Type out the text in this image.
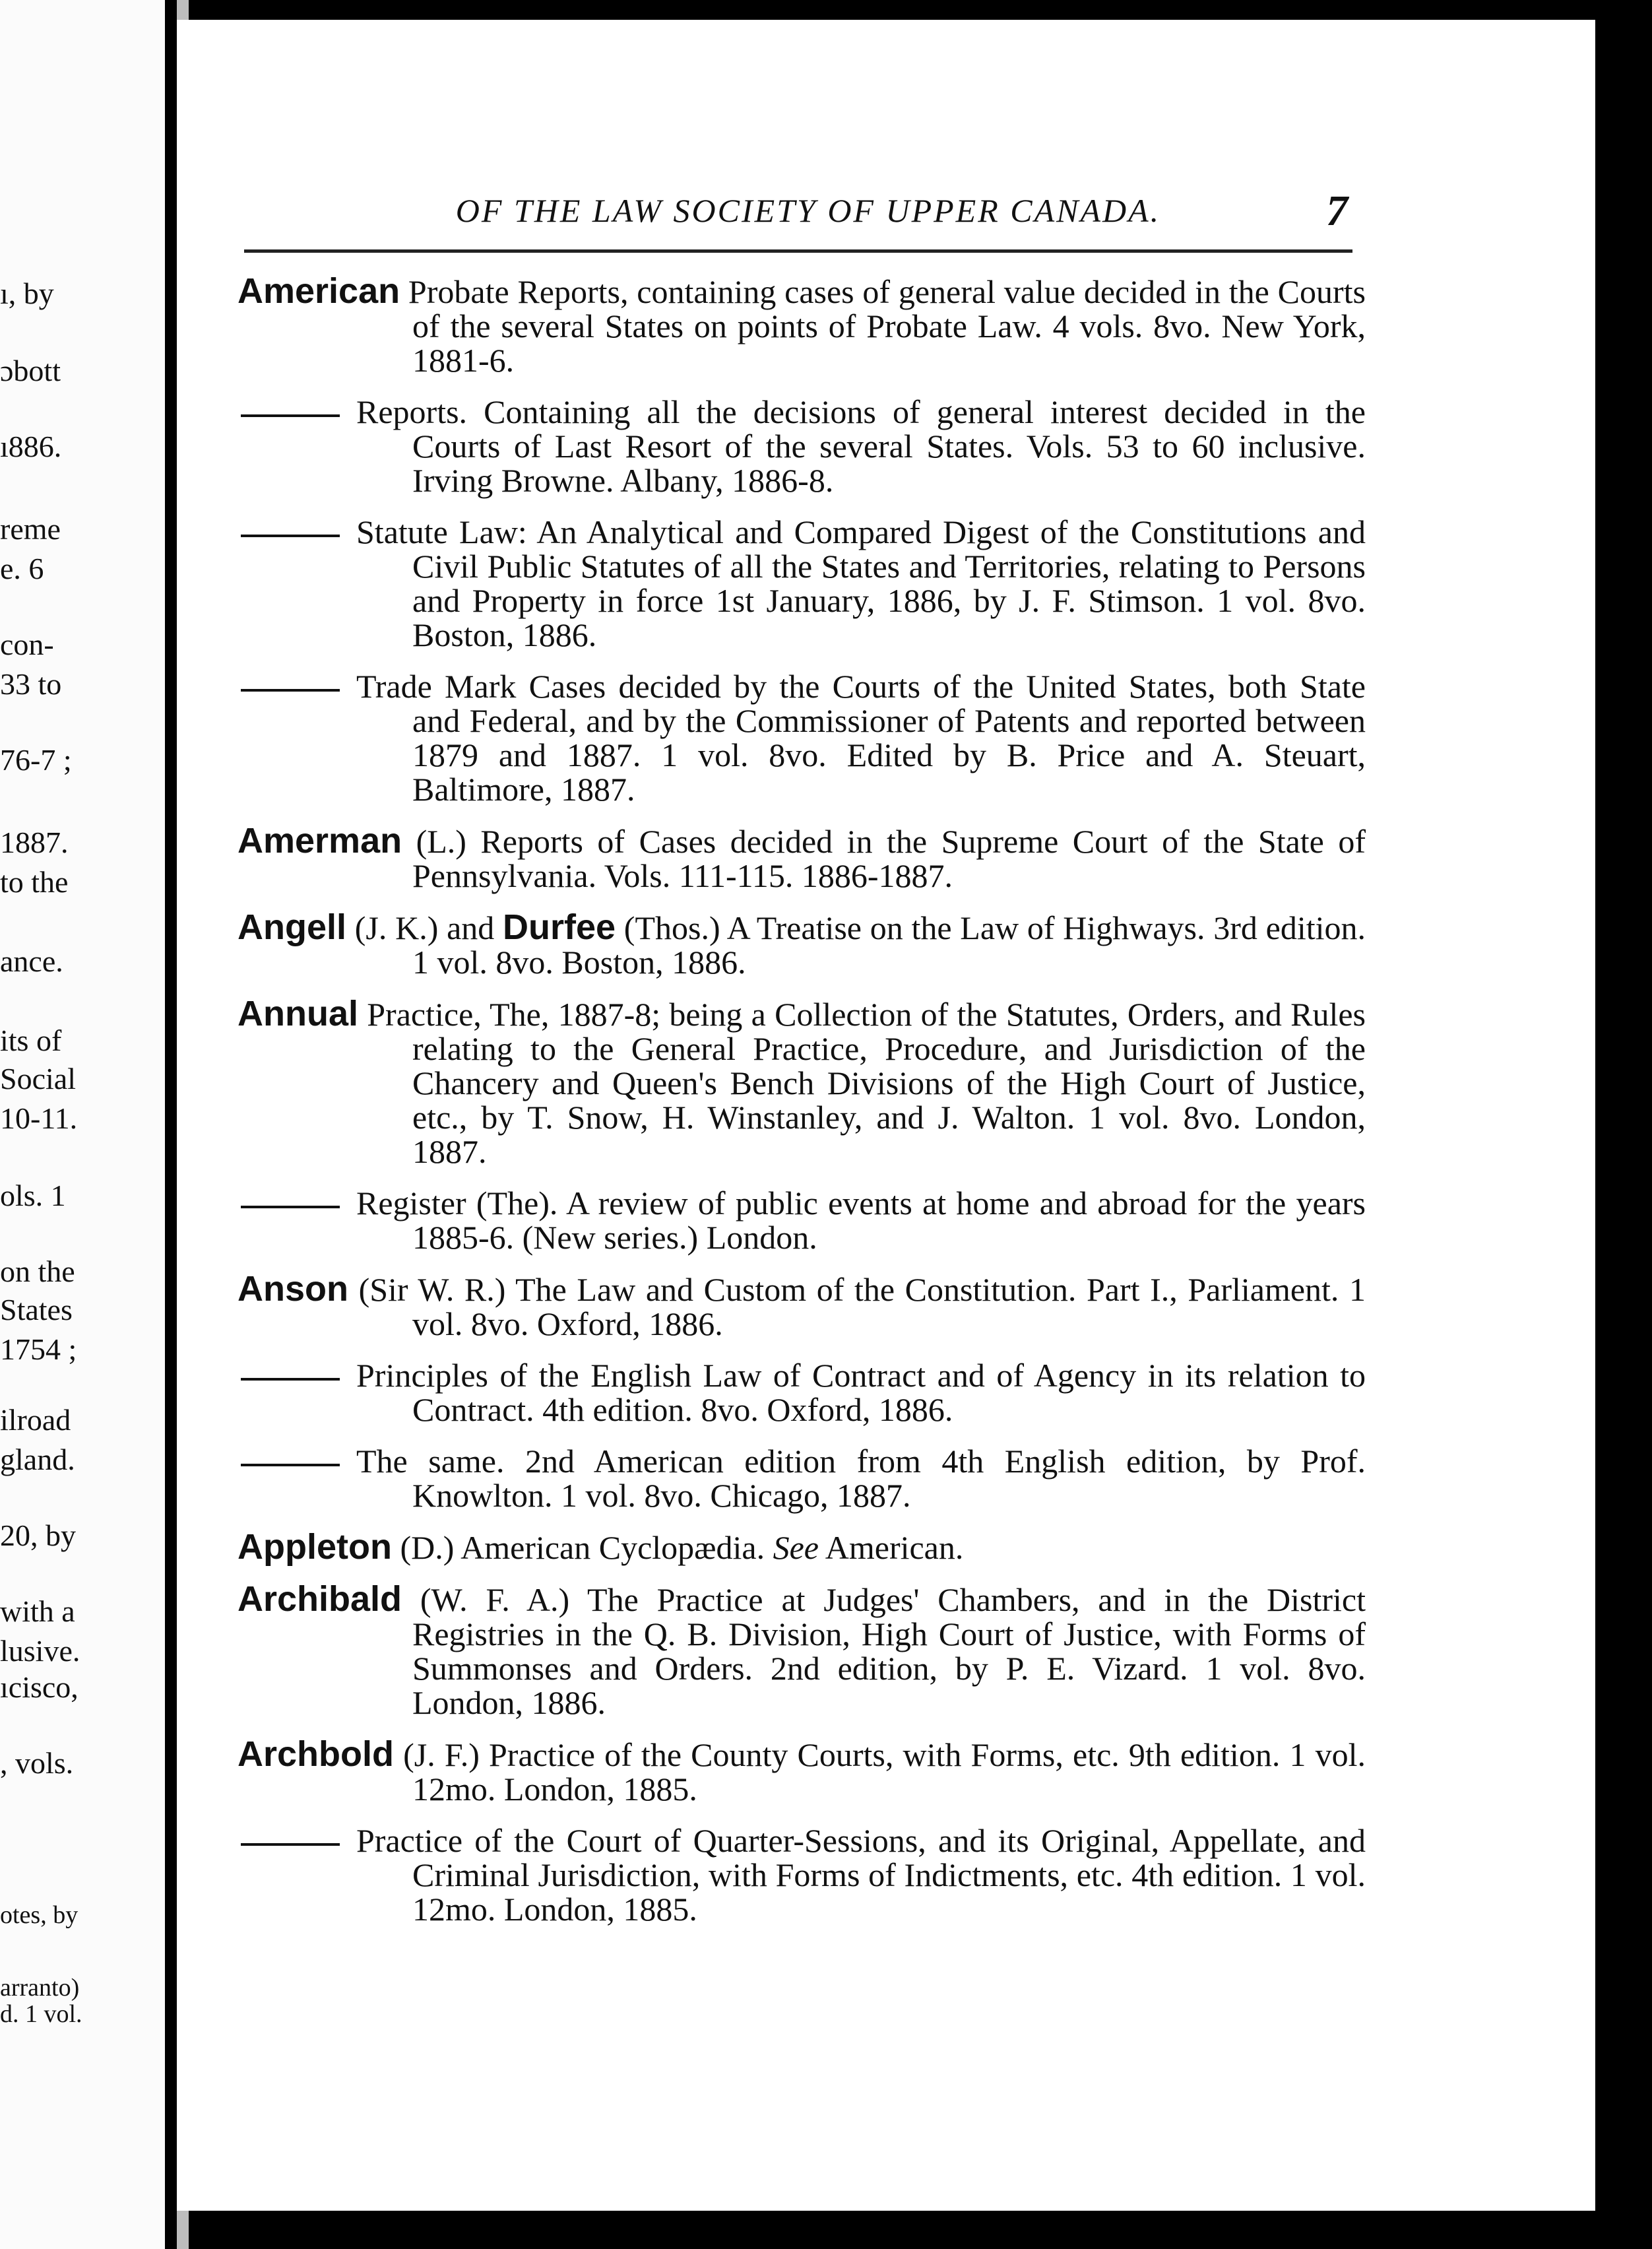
ı, by
ɔbott
ı886.
reme
e. 6
con-
33 to
76-7 ;
1887.
to the
ance.
its of
Social
10-11.
ols. 1
on the
States
1754 ;
ilroad
gland.
20, by
with a
lusive.
ıcisco,
, vols.
otes, by
arranto)
d. 1 vol.
OF THE LAW SOCIETY OF UPPER CANADA.	7
American Probate Reports, containing cases of general value decided in the Courts of the several States on points of Probate Law. 4 vols. 8vo. New York, 1881-6.
Reports. Containing all the decisions of general interest decided in the Courts of Last Resort of the several States. Vols. 53 to 60 inclusive. Irving Browne. Albany, 1886-8.
Statute Law: An Analytical and Compared Digest of the Constitutions and Civil Public Statutes of all the States and Territories, relating to Persons and Property in force 1st January, 1886, by J. F. Stimson. 1 vol. 8vo. Boston, 1886.
Trade Mark Cases decided by the Courts of the United States, both State and Federal, and by the Commissioner of Patents and reported between 1879 and 1887. 1 vol. 8vo. Edited by B. Price and A. Steuart, Baltimore, 1887.
Amerman (L.) Reports of Cases decided in the Supreme Court of the State of Pennsylvania. Vols. 111-115. 1886-1887.
Angell (J. K.) and Durfee (Thos.) A Treatise on the Law of Highways. 3rd edition. 1 vol. 8vo. Boston, 1886.
Annual Practice, The, 1887-8; being a Collection of the Statutes, Orders, and Rules relating to the General Practice, Procedure, and Jurisdiction of the Chancery and Queen's Bench Divisions of the High Court of Justice, etc., by T. Snow, H. Winstanley, and J. Walton. 1 vol. 8vo. London, 1887.
Register (The). A review of public events at home and abroad for the years 1885-6. (New series.) London.
Anson (Sir W. R.) The Law and Custom of the Constitution. Part I., Parliament. 1 vol. 8vo. Oxford, 1886.
Principles of the English Law of Contract and of Agency in its relation to Contract. 4th edition. 8vo. Oxford, 1886.
The same. 2nd American edition from 4th English edition, by Prof. Knowlton. 1 vol. 8vo. Chicago, 1887.
Appleton (D.) American Cyclopædia. See American.
Archibald (W. F. A.) The Practice at Judges' Chambers, and in the District Registries in the Q. B. Division, High Court of Justice, with Forms of Summonses and Orders. 2nd edition, by P. E. Vizard. 1 vol. 8vo. London, 1886.
Archbold (J. F.) Practice of the County Courts, with Forms, etc. 9th edition. 1 vol. 12mo. London, 1885.
Practice of the Court of Quarter-Sessions, and its Original, Appellate, and Criminal Jurisdiction, with Forms of Indictments, etc. 4th edition. 1 vol. 12mo. London, 1885.
